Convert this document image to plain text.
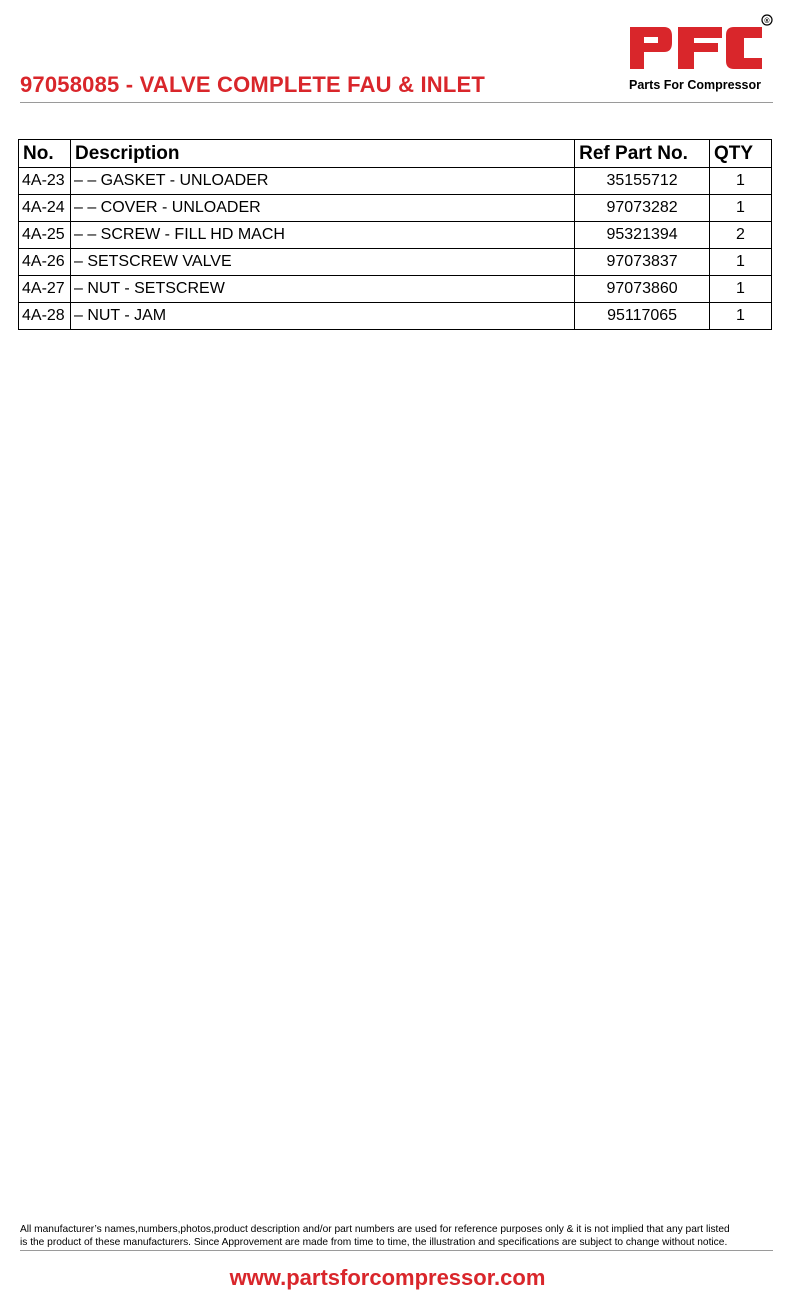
97058085 - VALVE COMPLETE FAU & INLET
®
Parts For Compressor
No.	Description	Ref Part No.	QTY
4A-23	– – GASKET - UNLOADER	35155712	1
4A-24	– – COVER - UNLOADER	97073282	1
4A-25	– – SCREW - FILL HD MACH	95321394	2
4A-26	– SETSCREW VALVE	97073837	1
4A-27	– NUT - SETSCREW	97073860	1
4A-28	– NUT - JAM	95117065	1
All manufacturer’s names,numbers,photos,product description and/or part numbers are used for reference purposes only & it is not implied that any part listed
is the product of these manufacturers. Since Approvement are made from time to time, the illustration and specifications are subject to change without notice.
www.partsforcompressor.com
